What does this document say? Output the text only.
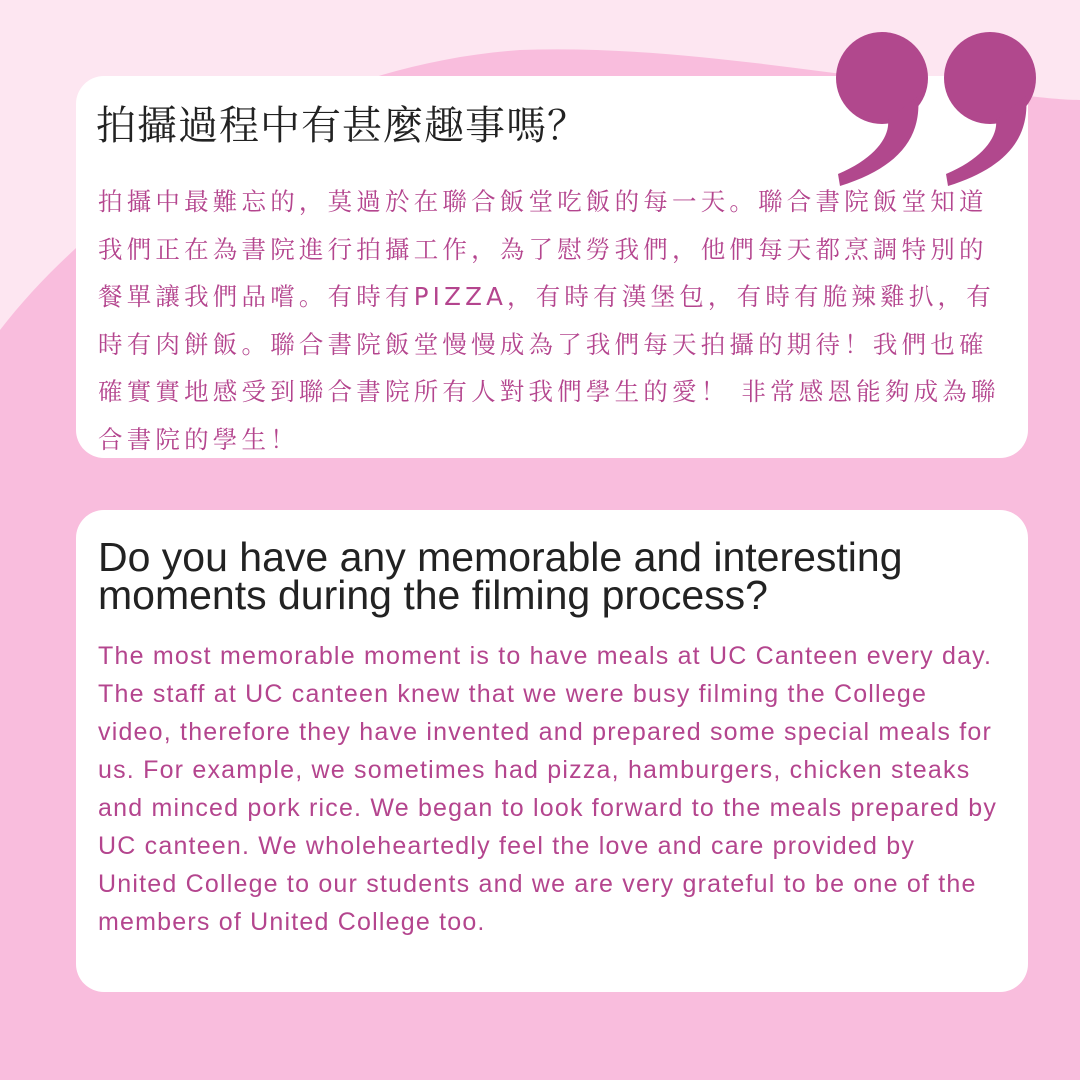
拍攝過程中有甚麼趣事嗎？

拍攝中最難忘的，莫過於在聯合飯堂吃飯的每一天。聯合書院飯堂知道我們正在為書院進行拍攝工作，為了慰勞我們，他們每天都烹調特別的餐單讓我們品嚐。有時有PIZZA，有時有漢堡包，有時有脆辣雞扒，有時有肉餅飯。聯合書院飯堂慢慢成為了我們每天拍攝的期待！我們也確確實實地感受到聯合書院所有人對我們學生的愛！ 非常感恩能夠成為聯合書院的學生！

Do you have any memorable and interesting moments during the filming process?

The most memorable moment is to have meals at UC Canteen every day. The staff at UC canteen knew that we were busy filming the College video, therefore they have invented and prepared some special meals for us. For example, we sometimes had pizza, hamburgers, chicken steaks and minced pork rice. We began to look forward to the meals prepared by UC canteen. We wholeheartedly feel the love and care provided by United College to our students and we are very grateful to be one of the members of United College too.
